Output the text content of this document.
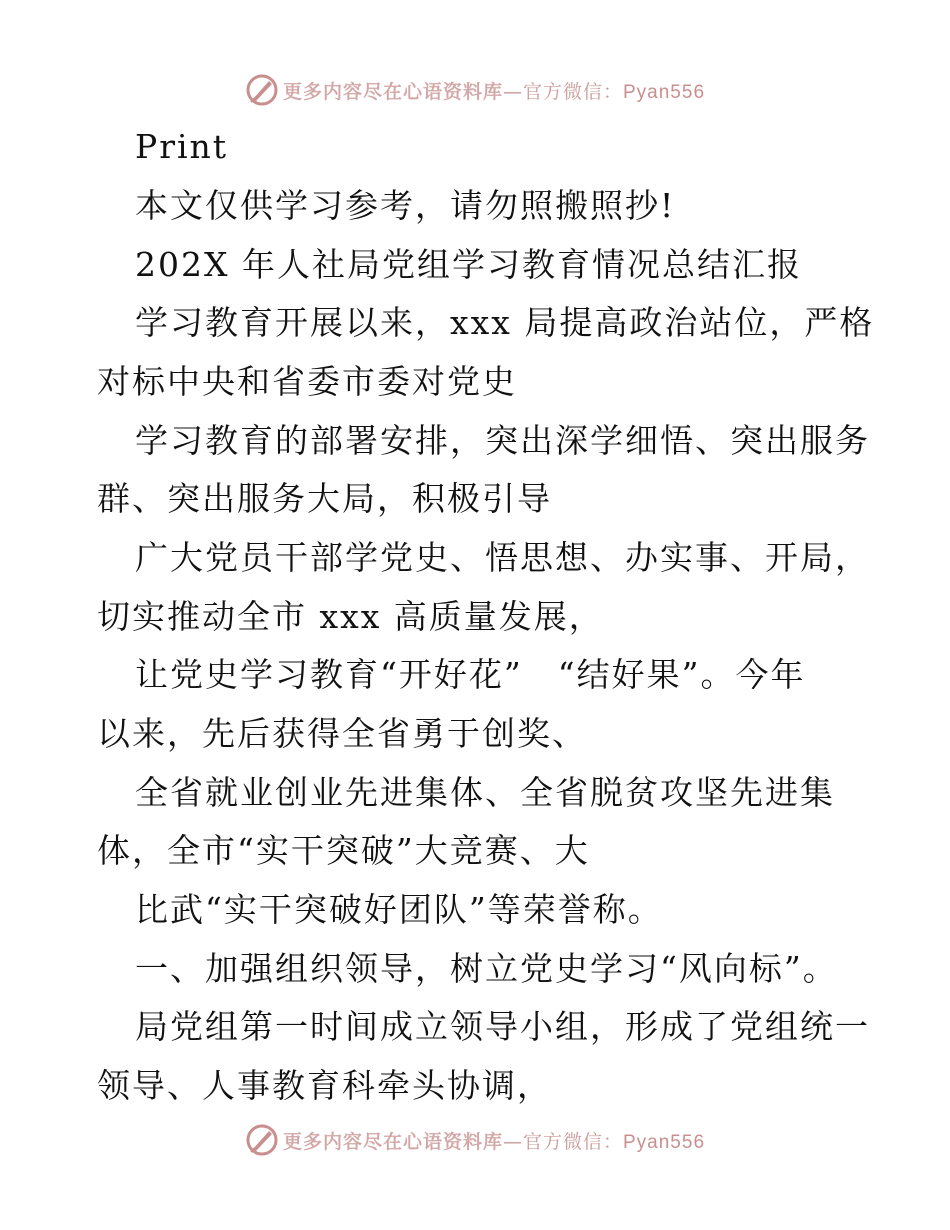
更多内容尽在心语资料库—官方微信：Pyan556
Print
本文仅供学习参考，请勿照搬照抄!
202X 年人社局党组学习教育情况总结汇报
学习教育开展以来，xxx 局提高政治站位，严格
对标中央和省委市委对党史
学习教育的部署安排，突出深学细悟、突出服务
群、突出服务大局，积极引导
广大党员干部学党史、悟思想、办实事、开局，
切实推动全市 xxx 高质量发展，
让党史学习教育“开好花”　“结好果”。今年
以来，先后获得全省勇于创奖、
全省就业创业先进集体、全省脱贫攻坚先进集
体，全市“实干突破”大竞赛、大
比武“实干突破好团队”等荣誉称。
一、加强组织领导，树立党史学习“风向标”。
局党组第一时间成立领导小组，形成了党组统一
领导、人事教育科牵头协调，
更多内容尽在心语资料库—官方微信：Pyan556
